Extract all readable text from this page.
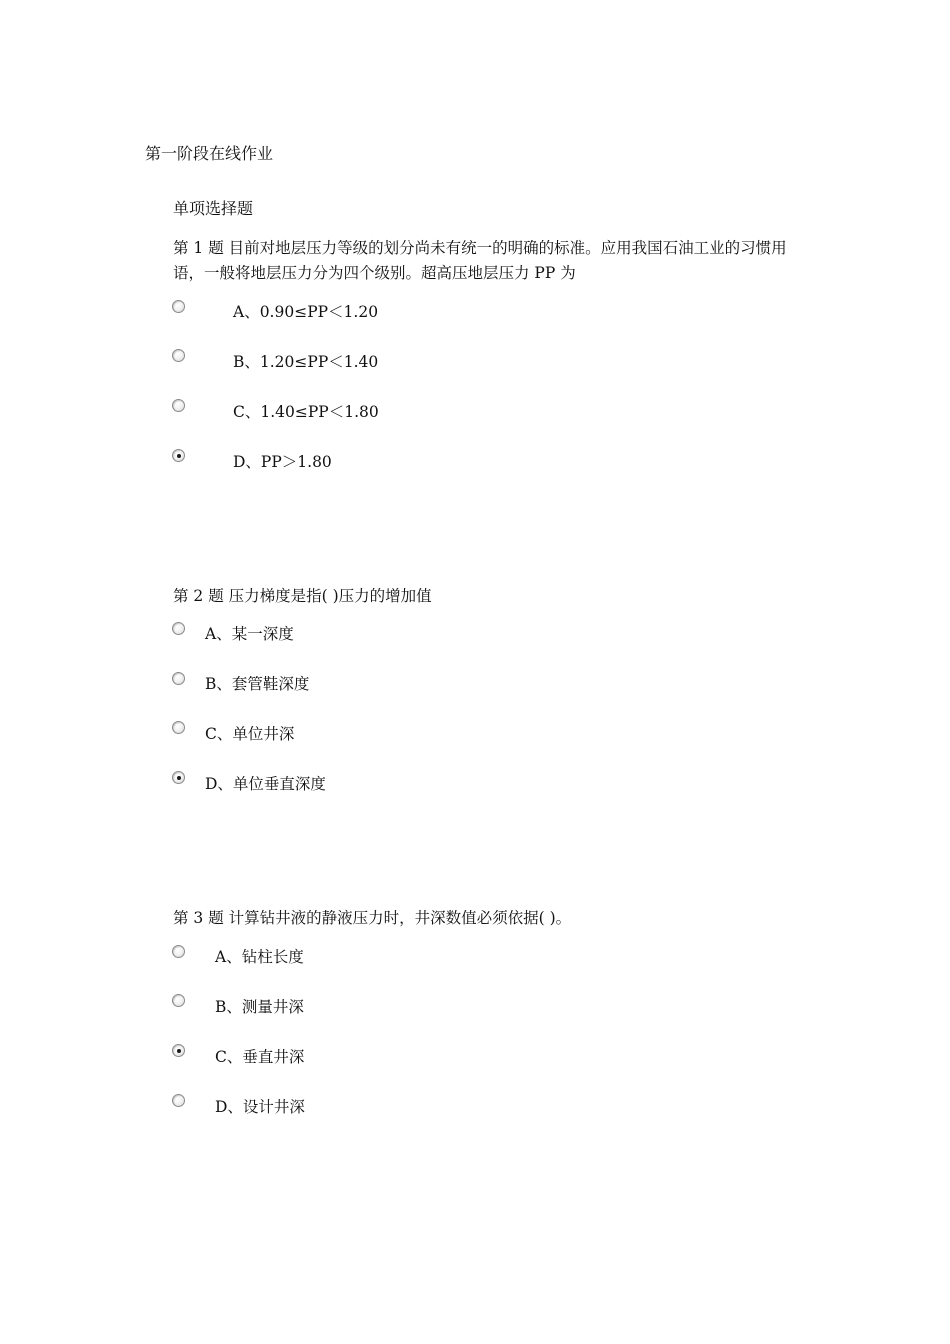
第一阶段在线作业
单项选择题
第 1 题 目前对地层压力等级的划分尚未有统一的明确的标准。应用我国石油工业的习惯用语，一般将地层压力分为四个级别。超高压地层压力 PP 为
A、0.90≤PP＜1.20
B、1.20≤PP＜1.40
C、1.40≤PP＜1.80
D、PP＞1.80
第 2 题 压力梯度是指( )压力的增加值
A、某一深度
B、套管鞋深度
C、单位井深
D、单位垂直深度
第 3 题 计算钻井液的静液压力时，井深数值必须依据( )。
A、钻柱长度
B、测量井深
C、垂直井深
D、设计井深
